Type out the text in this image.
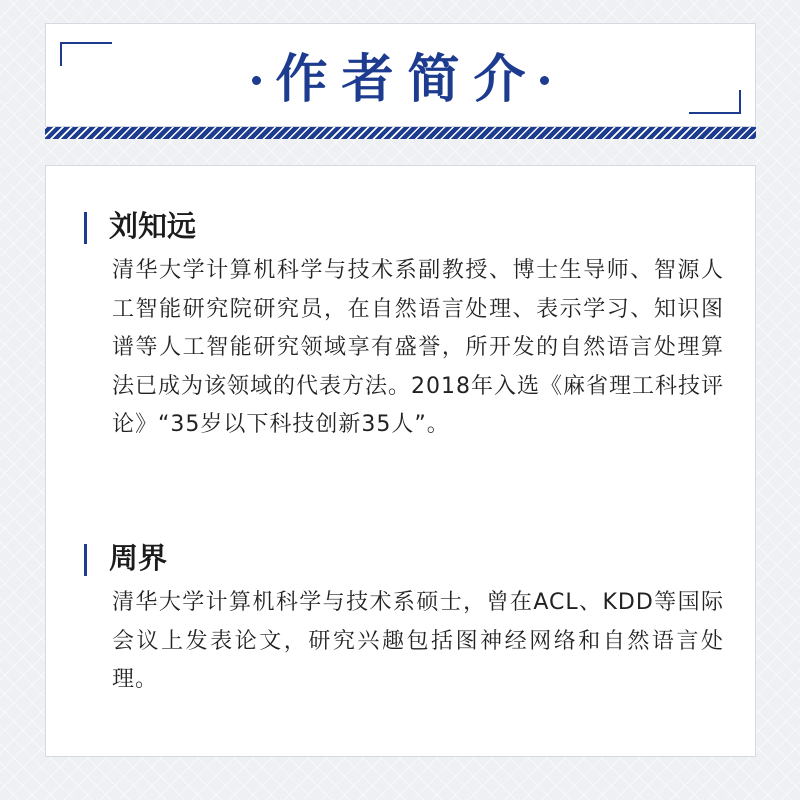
作者简介
刘知远
清华大学计算机科学与技术系副教授、博士生导师、智源人工智能研究院研究员，在自然语言处理、表示学习、知识图谱等人工智能研究领域享有盛誉，所开发的自然语言处理算法已成为该领域的代表方法。2018年入选《麻省理工科技评论》“35岁以下科技创新35人”。
周界
清华大学计算机科学与技术系硕士，曾在ACL、KDD等国际会议上发表论文，研究兴趣包括图神经网络和自然语言处理。
